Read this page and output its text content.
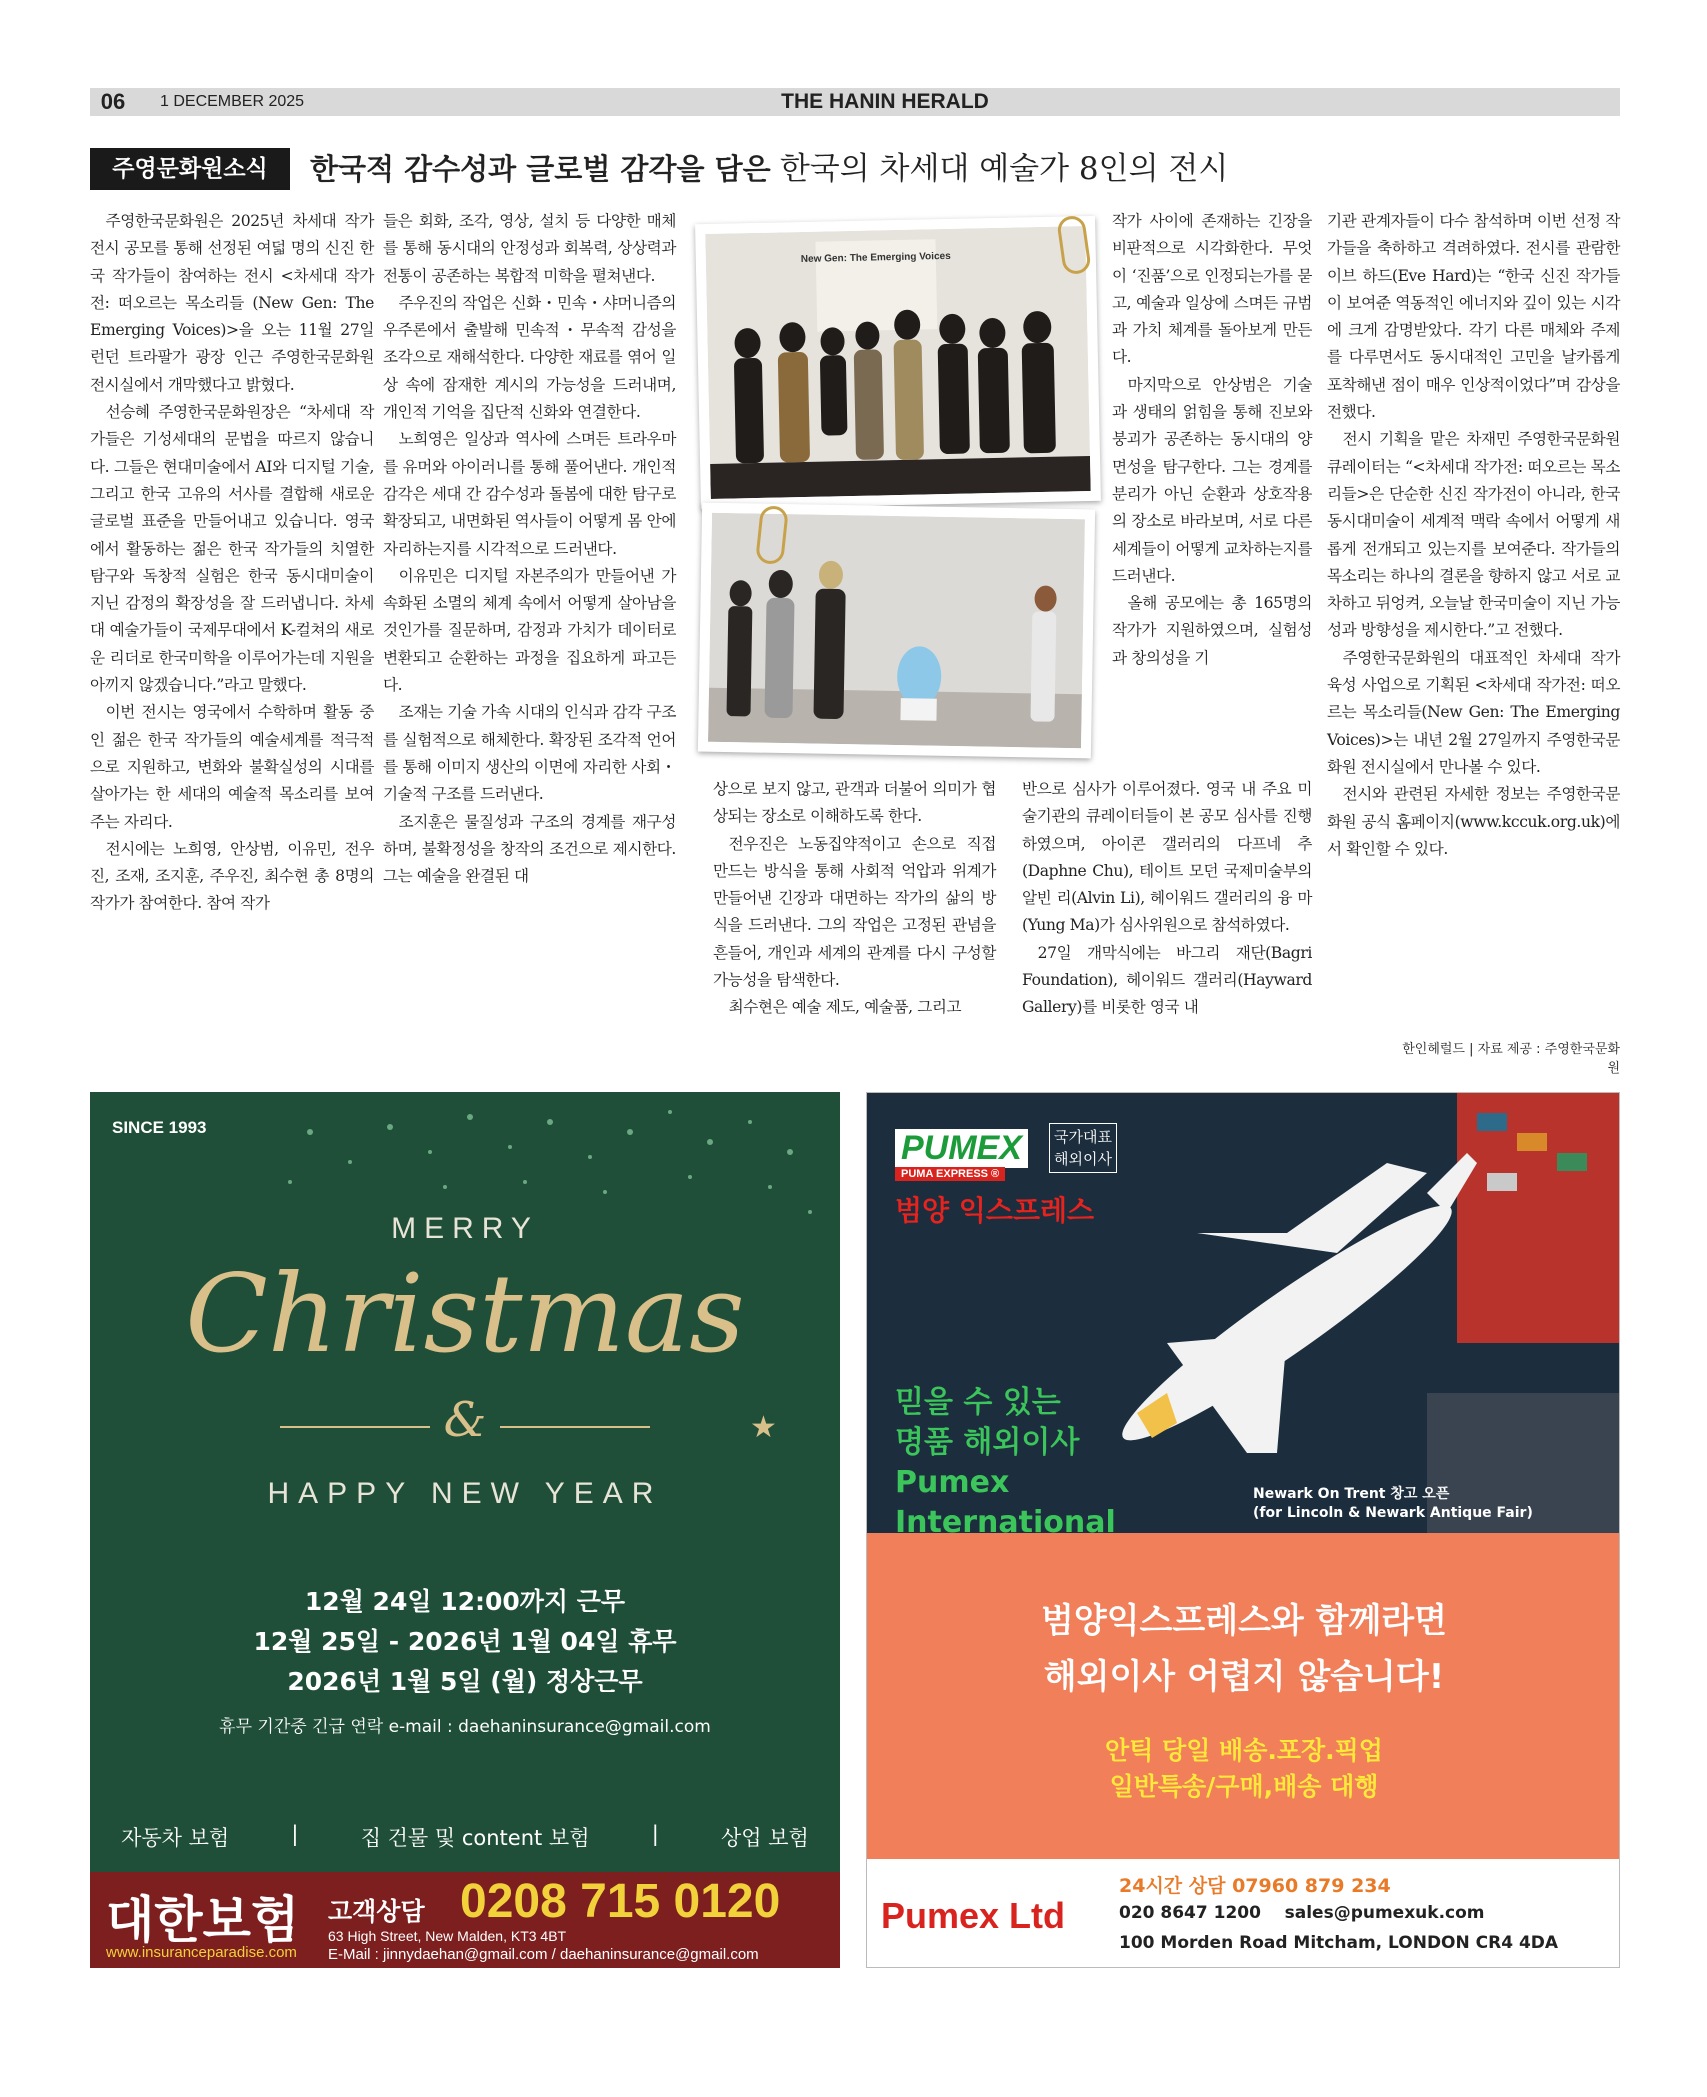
06	1 DECEMBER 2025	THE HANIN HERALD
주영문화원소식	한국적 감수성과 글로벌 감각을 담은 한국의 차세대 예술가 8인의 전시

주영한국문화원은 2025년 차세대 작가 전시 공모를 통해 선정된 여덟 명의 신진 한국 작가들이 참여하는 전시 <차세대 작가전: 떠오르는 목소리들 (New Gen: The Emerging Voices)>을 오는 11월 27일 런던 트라팔가 광장 인근 주영한국문화원 전시실에서 개막했다고 밝혔다.

선승혜 주영한국문화원장은 “차세대 작가들은 기성세대의 문법을 따르지 않습니다. 그들은 현대미술에서 AI와 디지털 기술, 그리고 한국 고유의 서사를 결합해 새로운 글로벌 표준을 만들어내고 있습니다. 영국에서 활동하는 젊은 한국 작가들의 치열한 탐구와 독창적 실험은 한국 동시대미술이 지닌 감정의 확장성을 잘 드러냅니다. 차세대 예술가들이 국제무대에서 K-컬쳐의 새로운 리더로 한국미학을 이루어가는데 지원을 아끼지 않겠습니다.”라고 말했다.

이번 전시는 영국에서 수학하며 활동 중인 젊은 한국 작가들의 예술세계를 적극적으로 지원하고, 변화와 불확실성의 시대를 살아가는 한 세대의 예술적 목소리를 보여주는 자리다.

전시에는 노희영, 안상범, 이유민, 전우진, 조재, 조지훈, 주우진, 최수현 총 8명의 작가가 참여한다. 참여 작가

들은 회화, 조각, 영상, 설치 등 다양한 매체를 통해 동시대의 안정성과 회복력, 상상력과 전통이 공존하는 복합적 미학을 펼쳐낸다.

주우진의 작업은 신화・민속・샤머니즘의 우주론에서 출발해 민속적・무속적 감성을 조각으로 재해석한다. 다양한 재료를 엮어 일상 속에 잠재한 계시의 가능성을 드러내며, 개인적 기억을 집단적 신화와 연결한다.

노희영은 일상과 역사에 스며든 트라우마를 유머와 아이러니를 통해 풀어낸다. 개인적 감각은 세대 간 감수성과 돌봄에 대한 탐구로 확장되고, 내면화된 역사들이 어떻게 몸 안에 자리하는지를 시각적으로 드러낸다.

이유민은 디지털 자본주의가 만들어낸 가속화된 소멸의 체계 속에서 어떻게 살아남을 것인가를 질문하며, 감정과 가치가 데이터로 변환되고 순환하는 과정을 집요하게 파고든다.

조재는 기술 가속 시대의 인식과 감각 구조를 실험적으로 해체한다. 확장된 조각적 언어를 통해 이미지 생산의 이면에 자리한 사회・기술적 구조를 드러낸다.

조지훈은 물질성과 구조의 경계를 재구성하며, 불확정성을 창작의 조건으로 제시한다. 그는 예술을 완결된 대

상으로 보지 않고, 관객과 더불어 의미가 협상되는 장소로 이해하도록 한다.

전우진은 노동집약적이고 손으로 직접 만드는 방식을 통해 사회적 억압과 위계가 만들어낸 긴장과 대면하는 작가의 삶의 방식을 드러낸다. 그의 작업은 고정된 관념을 흔들어, 개인과 세계의 관계를 다시 구성할 가능성을 탐색한다.

최수현은 예술 제도, 예술품, 그리고

작가 사이에 존재하는 긴장을 비판적으로 시각화한다. 무엇이 ‘진품’으로 인정되는가를 묻고, 예술과 일상에 스며든 규범과 가치 체계를 돌아보게 만든다.

마지막으로 안상범은 기술과 생태의 얽힘을 통해 진보와 붕괴가 공존하는 동시대의 양면성을 탐구한다. 그는 경계를 분리가 아닌 순환과 상호작용의 장소로 바라보며, 서로 다른 세계들이 어떻게 교차하는지를 드러낸다.

올해 공모에는 총 165명의 작가가 지원하였으며, 실험성과 창의성을 기

반으로 심사가 이루어졌다. 영국 내 주요 미술기관의 큐레이터들이 본 공모 심사를 진행하였으며, 아이콘 갤러리의 다프네 추(Daphne Chu), 테이트 모던 국제미술부의 알빈 리(Alvin Li), 헤이워드 갤러리의 융 마(Yung Ma)가 심사위원으로 참석하였다.

27일 개막식에는 바그리 재단(Bagri Foundation), 헤이워드 갤러리(Hayward Gallery)를 비롯한 영국 내

기관 관계자들이 다수 참석하며 이번 선정 작가들을 축하하고 격려하였다. 전시를 관람한 이브 하드(Eve Hard)는 “한국 신진 작가들이 보여준 역동적인 에너지와 깊이 있는 시각에 크게 감명받았다. 각기 다른 매체와 주제를 다루면서도 동시대적인 고민을 날카롭게 포착해낸 점이 매우 인상적이었다”며 감상을 전했다.

전시 기획을 맡은 차재민 주영한국문화원 큐레이터는 “<차세대 작가전: 떠오르는 목소리들>은 단순한 신진 작가전이 아니라, 한국 동시대미술이 세계적 맥락 속에서 어떻게 새롭게 전개되고 있는지를 보여준다. 작가들의 목소리는 하나의 결론을 향하지 않고 서로 교차하고 뒤엉켜, 오늘날 한국미술이 지닌 가능성과 방향성을 제시한다.”고 전했다.

주영한국문화원의 대표적인 차세대 작가 육성 사업으로 기획된 <차세대 작가전: 떠오르는 목소리들(New Gen: The Emerging Voices)>는 내년 2월 27일까지 주영한국문화원 전시실에서 만나볼 수 있다.

전시와 관련된 자세한 정보는 주영한국문화원 공식 홈페이지(www.kccuk.org.uk)에서 확인할 수 있다.

한인헤럴드 | 자료 제공 : 주영한국문화원
New Gen: The Emerging Voices
SINCE 1993
MERRY
Christmas
&	★
HAPPY NEW YEAR
12월 24일 12:00까지 근무
12월 25일 - 2026년 1월 04일 휴무
2026년 1월 5일 (월) 정상근무
휴무 기간중 긴급 연락 e-mail : daehaninsurance@gmail.com
자동차 보험	|	집 건물 및 content 보험	|	상업 보험
대한보험 고객상담 0208 715 0120
www.insuranceparadise.com
63 High Street, New Malden, KT3 4BT
E-Mail : jinnydaehan@gmail.com / daehaninsurance@gmail.com
PUMEX
PUMA EXPRESS ®
국가대표
해외이사
범양 익스프레스
믿을 수 있는
명품 해외이사
Pumex
International
Newark On Trent 창고 오픈
(for Lincoln & Newark Antique Fair)
범양익스프레스와 함께라면
해외이사 어렵지 않습니다!
안틱 당일 배송.포장.픽업
일반특송/구매,배송 대행
Pumex Ltd
24시간 상담 07960 879 234
020 8647 1200    sales@pumexuk.com
100 Morden Road Mitcham, LONDON CR4 4DA
